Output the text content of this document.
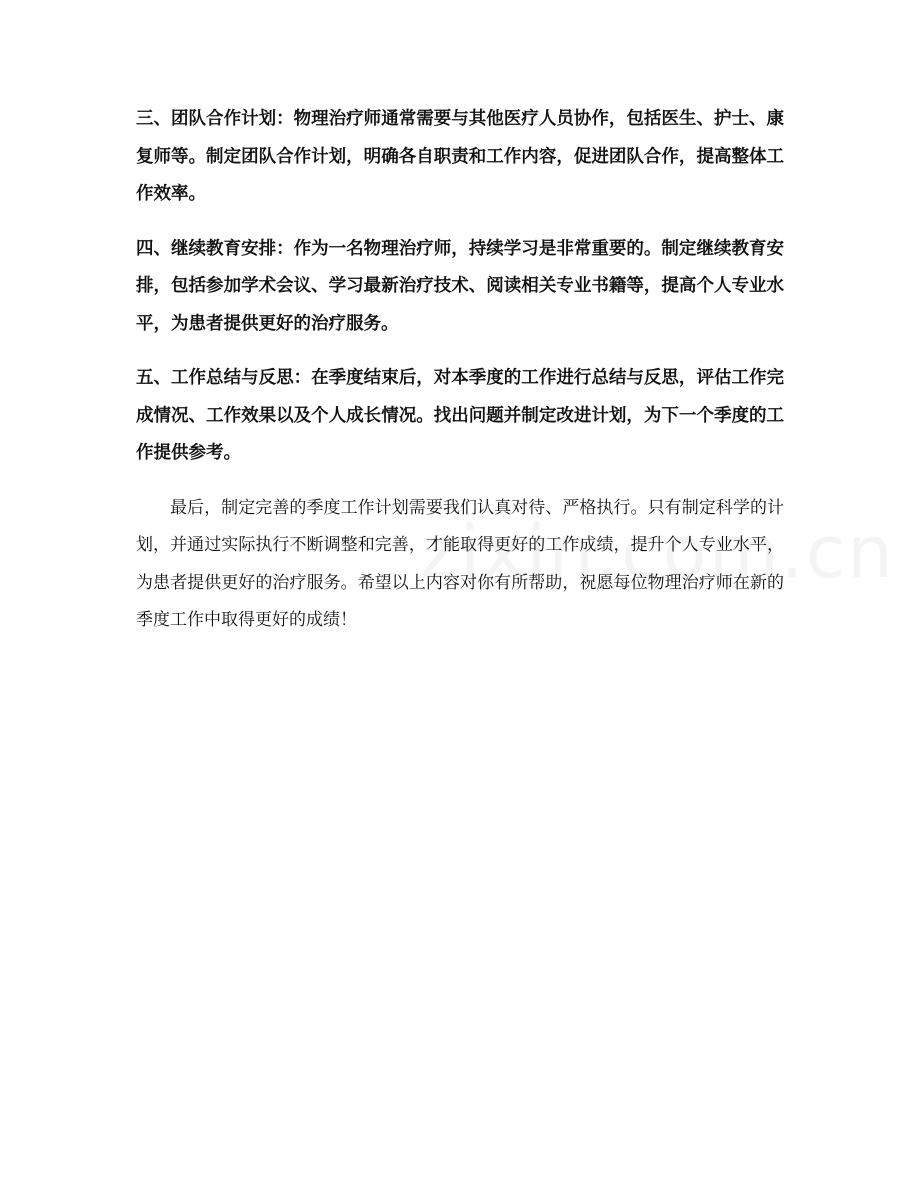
三、团队合作计划：物理治疗师通常需要与其他医疗人员协作，包括医生、护士、康复师等。制定团队合作计划，明确各自职责和工作内容，促进团队合作，提高整体工作效率。

四、继续教育安排：作为一名物理治疗师，持续学习是非常重要的。制定继续教育安排，包括参加学术会议、学习最新治疗技术、阅读相关专业书籍等，提高个人专业水平，为患者提供更好的治疗服务。

五、工作总结与反思：在季度结束后，对本季度的工作进行总结与反思，评估工作完成情况、工作效果以及个人成长情况。找出问题并制定改进计划，为下一个季度的工作提供参考。

最后，制定完善的季度工作计划需要我们认真对待、严格执行。只有制定科学的计划，并通过实际执行不断调整和完善，才能取得更好的工作成绩，提升个人专业水平，为患者提供更好的治疗服务。希望以上内容对你有所帮助，祝愿每位物理治疗师在新的季度工作中取得更好的成绩！
